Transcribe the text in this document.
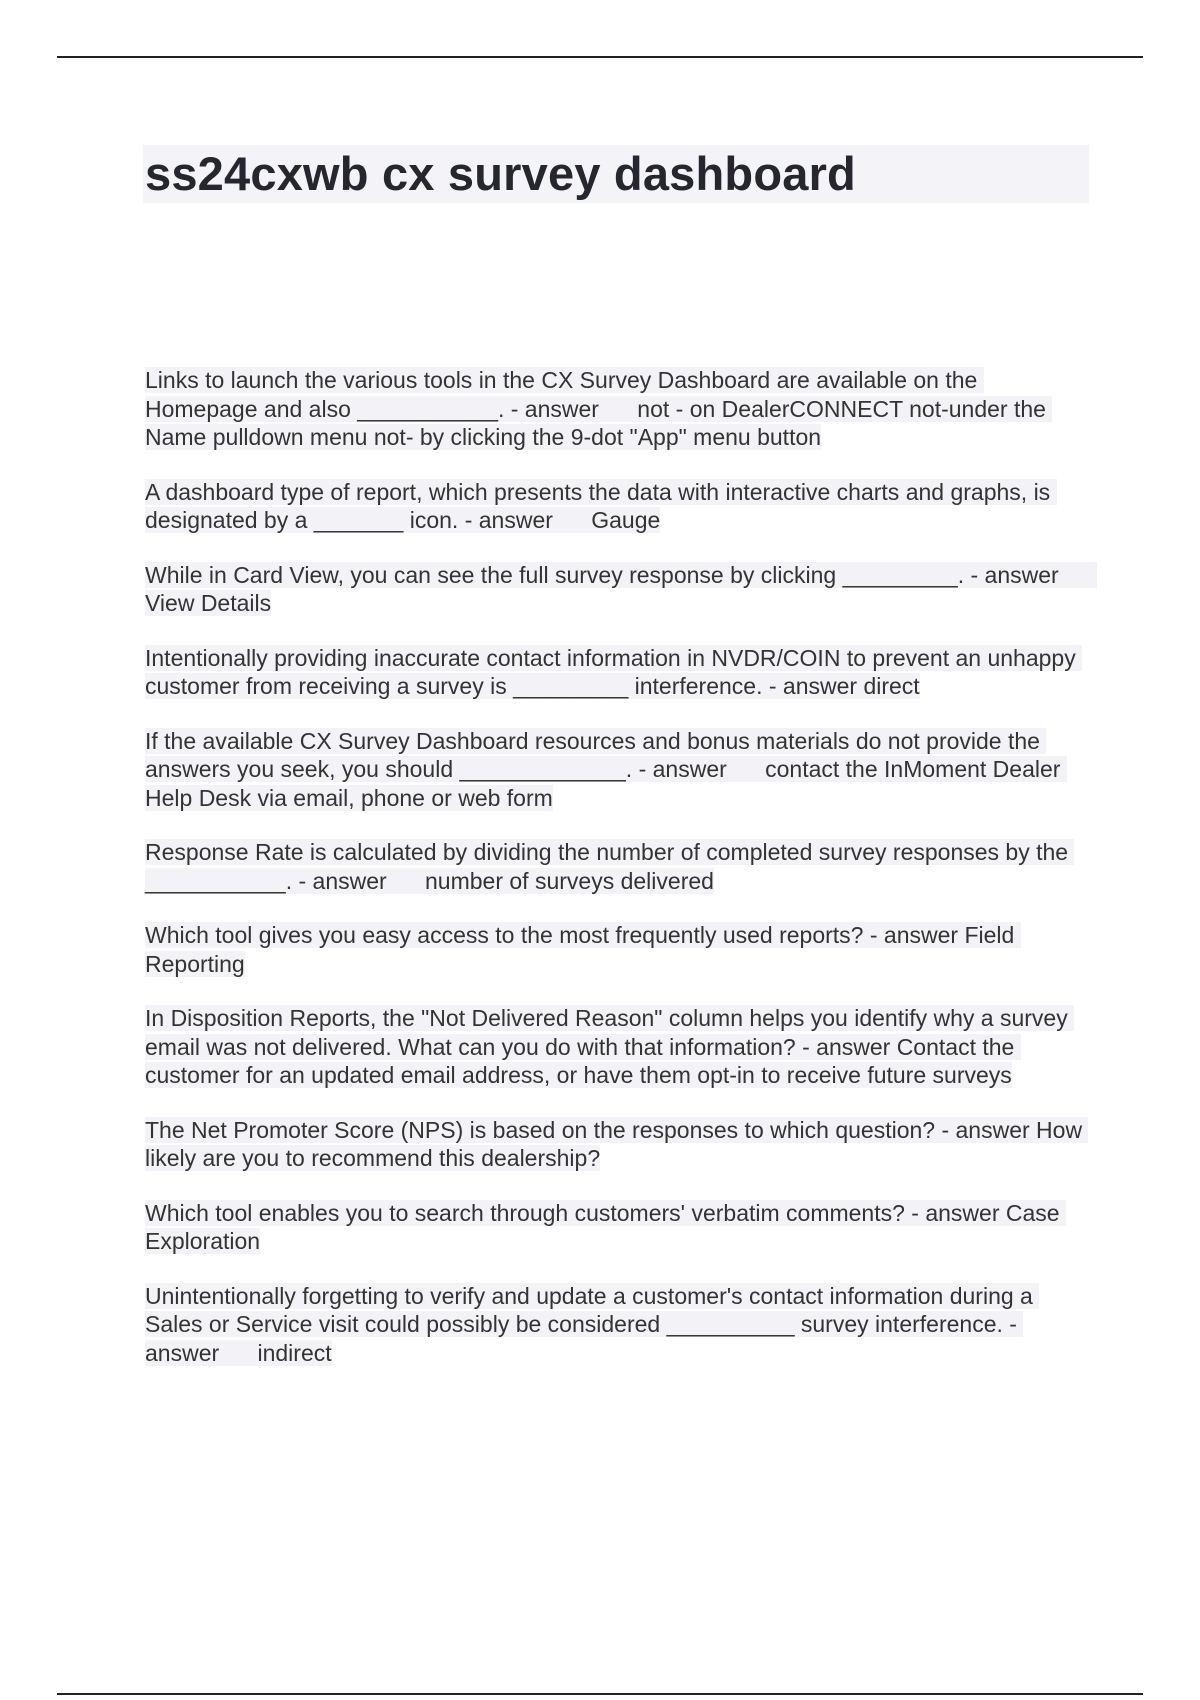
ss24cxwb cx survey dashboard
Links to launch the various tools in the CX Survey Dashboard are available on the Homepage and also ___________. - answer      not - on DealerCONNECT not-under the Name pulldown menu not- by clicking the 9-dot "App" menu button
A dashboard type of report, which presents the data with interactive charts and graphs, is designated by a _______ icon. - answer      Gauge
While in Card View, you can see the full survey response by clicking _________. - answer      View Details
Intentionally providing inaccurate contact information in NVDR/COIN to prevent an unhappy customer from receiving a survey is _________ interference. - answer direct
If the available CX Survey Dashboard resources and bonus materials do not provide the answers you seek, you should _____________. - answer      contact the InMoment Dealer Help Desk via email, phone or web form
Response Rate is calculated by dividing the number of completed survey responses by the ___________. - answer      number of surveys delivered
Which tool gives you easy access to the most frequently used reports? - answer Field Reporting
In Disposition Reports, the "Not Delivered Reason" column helps you identify why a survey email was not delivered. What can you do with that information? - answer Contact the customer for an updated email address, or have them opt-in to receive future surveys
The Net Promoter Score (NPS) is based on the responses to which question? - answer How likely are you to recommend this dealership?
Which tool enables you to search through customers' verbatim comments? - answer Case Exploration
Unintentionally forgetting to verify and update a customer's contact information during a Sales or Service visit could possibly be considered __________ survey interference. - answer      indirect
